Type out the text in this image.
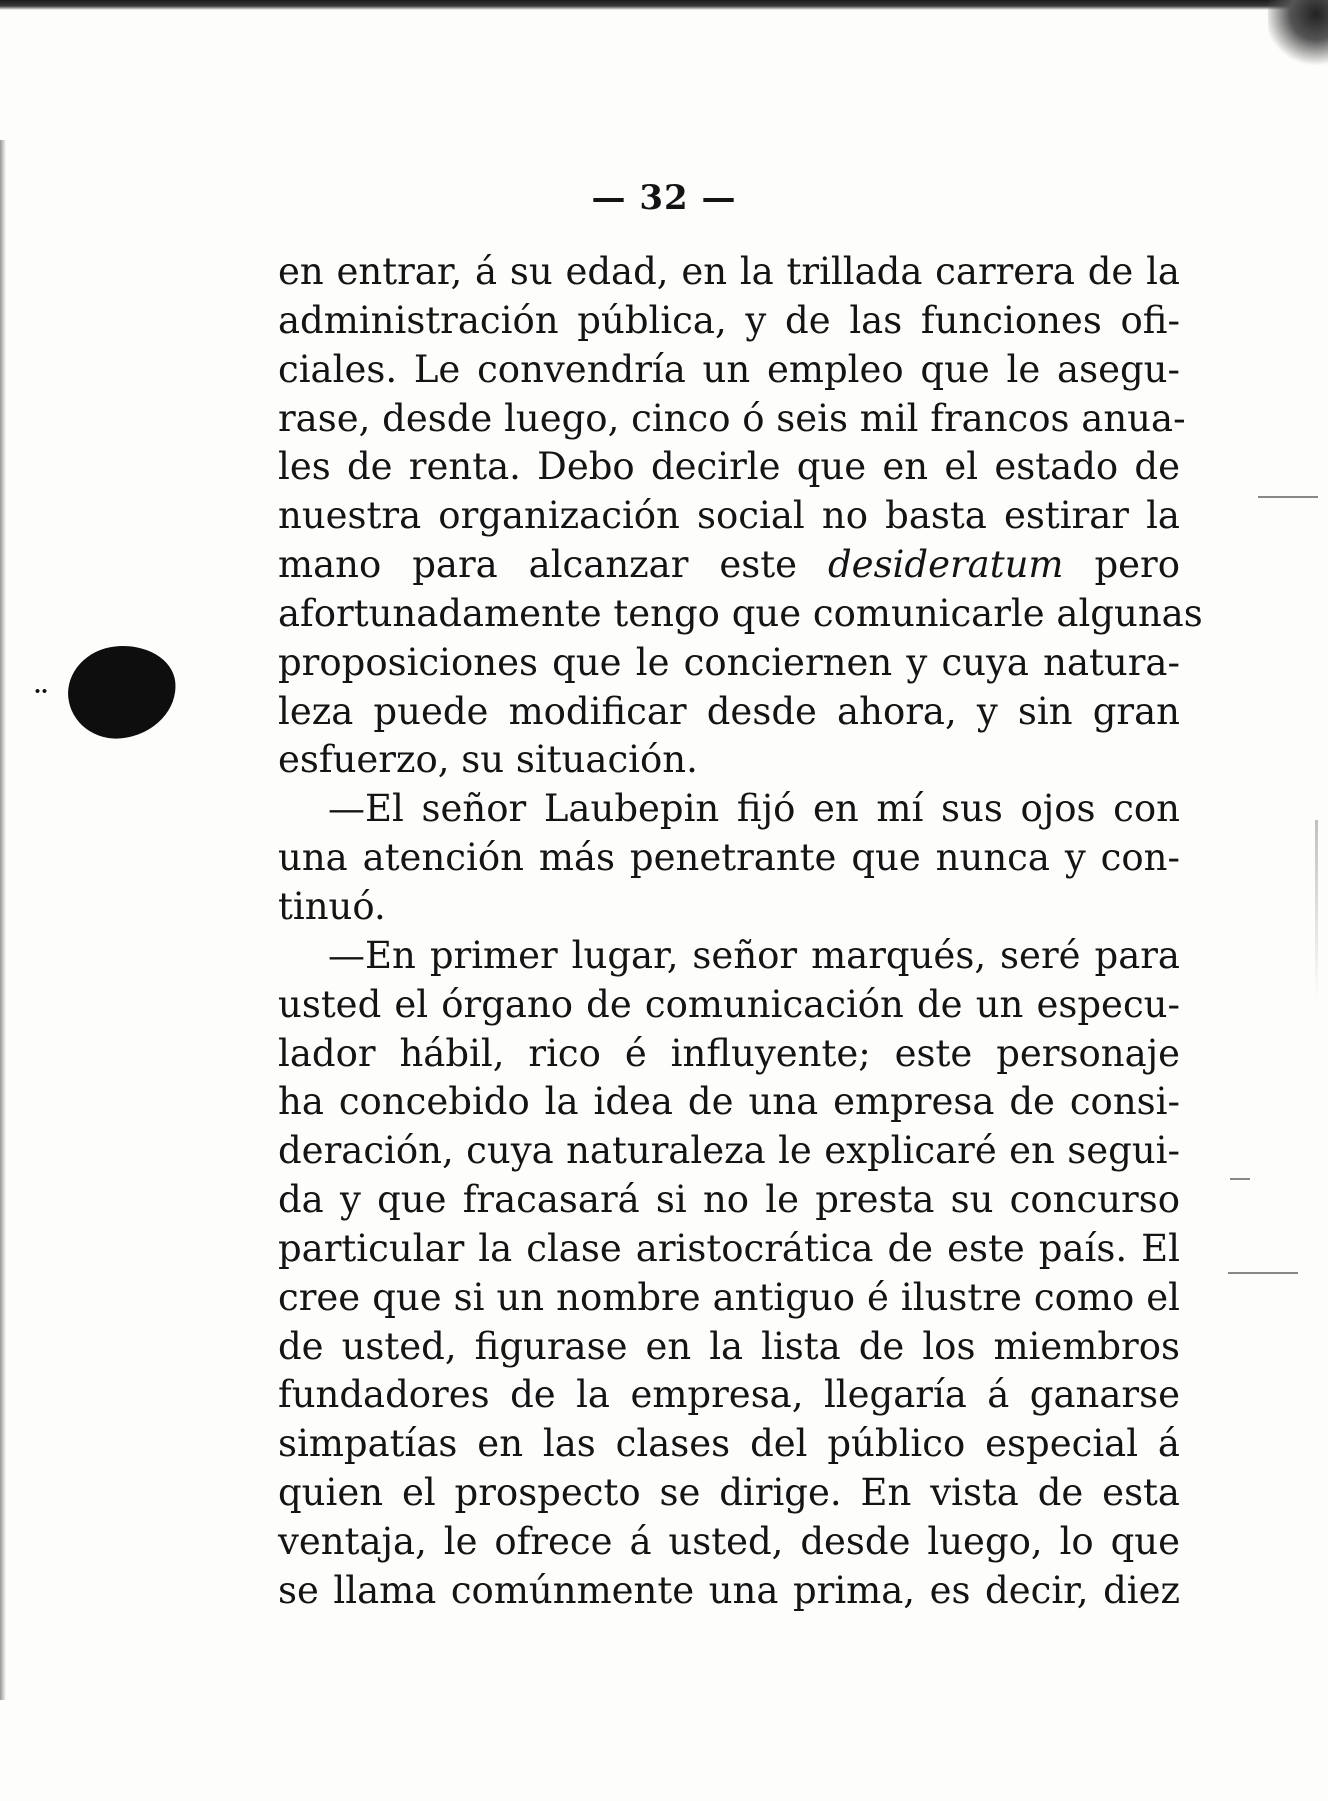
— 32 —
en entrar, á su edad, en la trillada carrera de la
administración pública, y de las funciones ofi-
ciales. Le convendría un empleo que le asegu-
rase, desde luego, cinco ó seis mil francos anua-
les de renta. Debo decirle que en el estado de
nuestra organización social no basta estirar la
mano para alcanzar este desideratum pero
afortunadamente tengo que comunicarle algunas
proposiciones que le conciernen y cuya natura-
leza puede modificar desde ahora, y sin gran
esfuerzo, su situación.
—El señor Laubepin fijó en mí sus ojos con
una atención más penetrante que nunca y con-
tinuó.
—En primer lugar, señor marqués, seré para
usted el órgano de comunicación de un especu-
lador hábil, rico é influyente; este personaje
ha concebido la idea de una empresa de consi-
deración, cuya naturaleza le explicaré en segui-
da y que fracasará si no le presta su concurso
particular la clase aristocrática de este país. El
cree que si un nombre antiguo é ilustre como el
de usted, figurase en la lista de los miembros
fundadores de la empresa, llegaría á ganarse
simpatías en las clases del público especial á
quien el prospecto se dirige. En vista de esta
ventaja, le ofrece á usted, desde luego, lo que
se llama comúnmente una prima, es decir, diez
